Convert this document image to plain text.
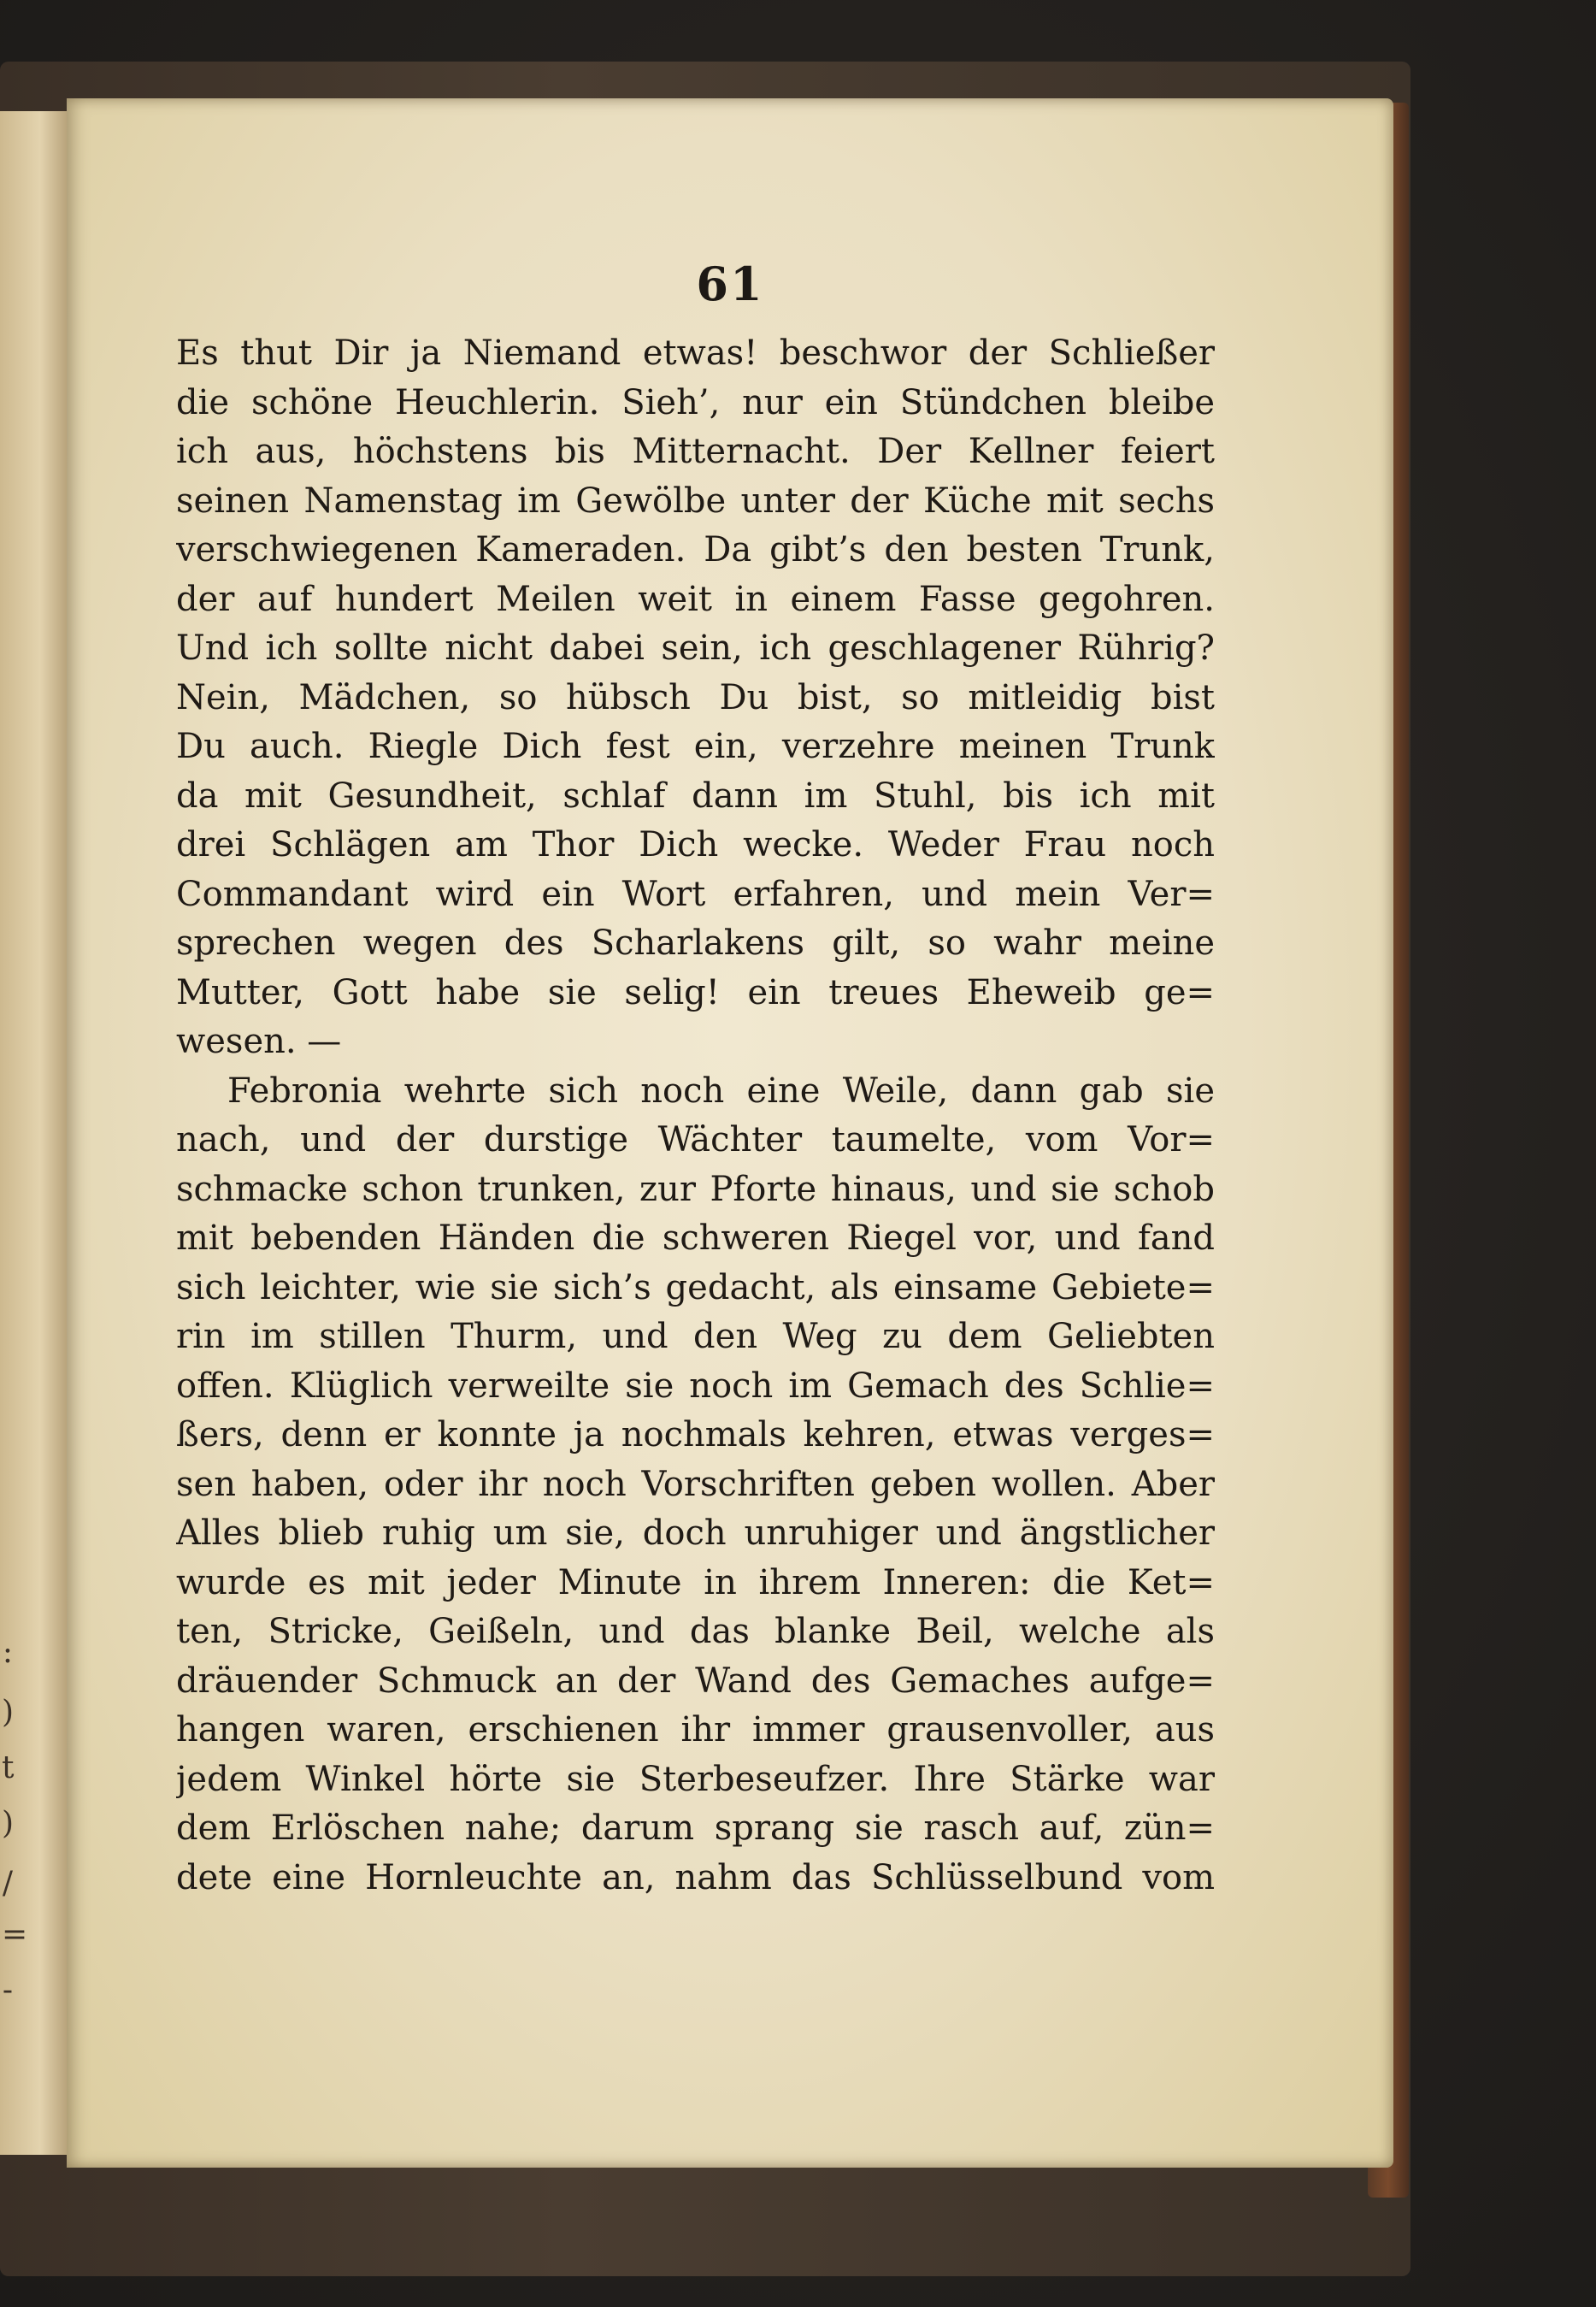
:
)
t
)
/
=
-
61
Es thut Dir ja Niemand etwas! beschwor der Schließer
die schöne Heuchlerin. Sieh’, nur ein Stündchen bleibe
ich aus, höchstens bis Mitternacht. Der Kellner feiert
seinen Namenstag im Gewölbe unter der Küche mit sechs
verschwiegenen Kameraden. Da gibt’s den besten Trunk,
der auf hundert Meilen weit in einem Fasse gegohren.
Und ich sollte nicht dabei sein, ich geschlagener Rührig?
Nein, Mädchen, so hübsch Du bist, so mitleidig bist
Du auch. Riegle Dich fest ein, verzehre meinen Trunk
da mit Gesundheit, schlaf dann im Stuhl, bis ich mit
drei Schlägen am Thor Dich wecke. Weder Frau noch
Commandant wird ein Wort erfahren, und mein Ver=
sprechen wegen des Scharlakens gilt, so wahr meine
Mutter, Gott habe sie selig! ein treues Eheweib ge=
wesen. —
Febronia wehrte sich noch eine Weile, dann gab sie
nach, und der durstige Wächter taumelte, vom Vor=
schmacke schon trunken, zur Pforte hinaus, und sie schob
mit bebenden Händen die schweren Riegel vor, und fand
sich leichter, wie sie sich’s gedacht, als einsame Gebiete=
rin im stillen Thurm, und den Weg zu dem Geliebten
offen. Klüglich verweilte sie noch im Gemach des Schlie=
ßers, denn er konnte ja nochmals kehren, etwas verges=
sen haben, oder ihr noch Vorschriften geben wollen. Aber
Alles blieb ruhig um sie, doch unruhiger und ängstlicher
wurde es mit jeder Minute in ihrem Inneren: die Ket=
ten, Stricke, Geißeln, und das blanke Beil, welche als
dräuender Schmuck an der Wand des Gemaches aufge=
hangen waren, erschienen ihr immer grausenvoller, aus
jedem Winkel hörte sie Sterbeseufzer. Ihre Stärke war
dem Erlöschen nahe; darum sprang sie rasch auf, zün=
dete eine Hornleuchte an, nahm das Schlüsselbund vom
